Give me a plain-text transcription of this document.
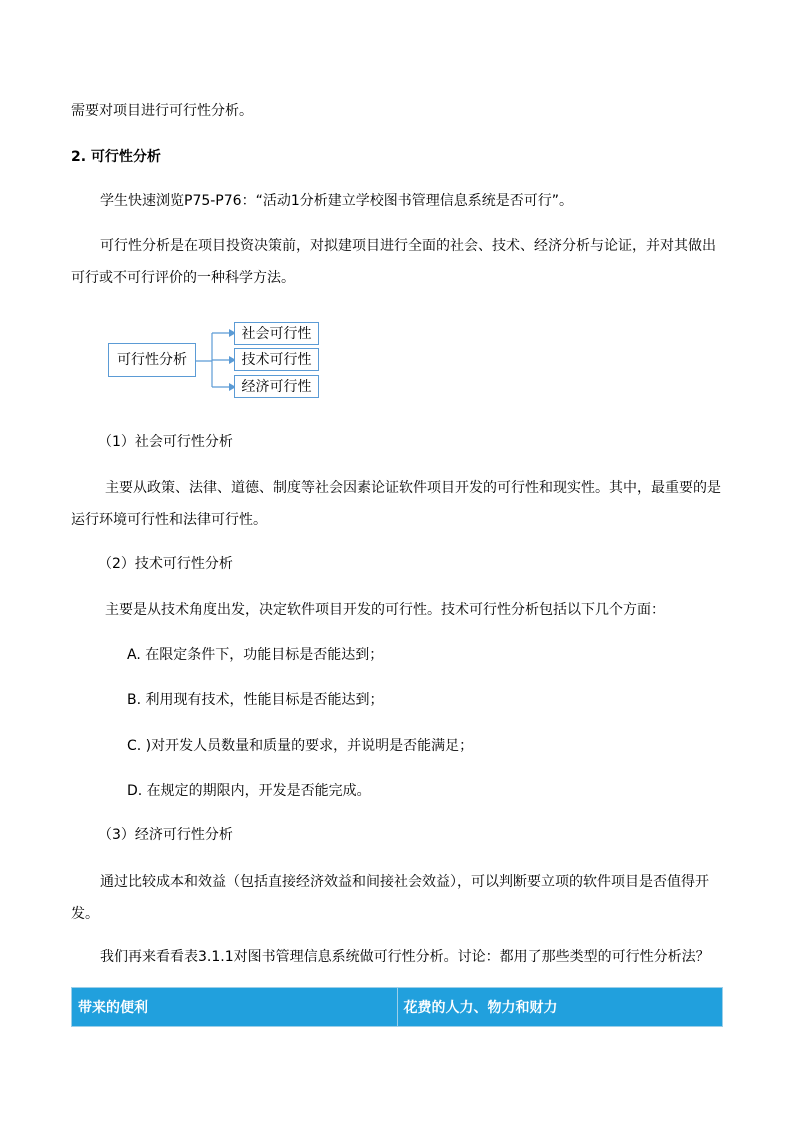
需要对项目进行可行性分析。
2. 可行性分析
学生快速浏览P75-P76：“活动1分析建立学校图书管理信息系统是否可行”。
可行性分析是在项目投资决策前，对拟建项目进行全面的社会、技术、经济分析与论证，并对其做出
可行或不可行评价的一种科学方法。
可行性分析
社会可行性
技术可行性
经济可行性
（1）社会可行性分析
主要从政策、法律、道德、制度等社会因素论证软件项目开发的可行性和现实性。其中，最重要的是
运行环境可行性和法律可行性。
（2）技术可行性分析
主要是从技术角度出发，决定软件项目开发的可行性。技术可行性分析包括以下几个方面：
A. 在限定条件下，功能目标是否能达到；
B. 利用现有技术，性能目标是否能达到；
C. )对开发人员数量和质量的要求，并说明是否能满足；
D. 在规定的期限内，开发是否能完成。
（3）经济可行性分析
通过比较成本和效益（包括直接经济效益和间接社会效益），可以判断要立项的软件项目是否值得开
发。
我们再来看看表3.1.1对图书管理信息系统做可行性分析。讨论：都用了那些类型的可行性分析法？
带来的便利	花费的人力、物力和财力
